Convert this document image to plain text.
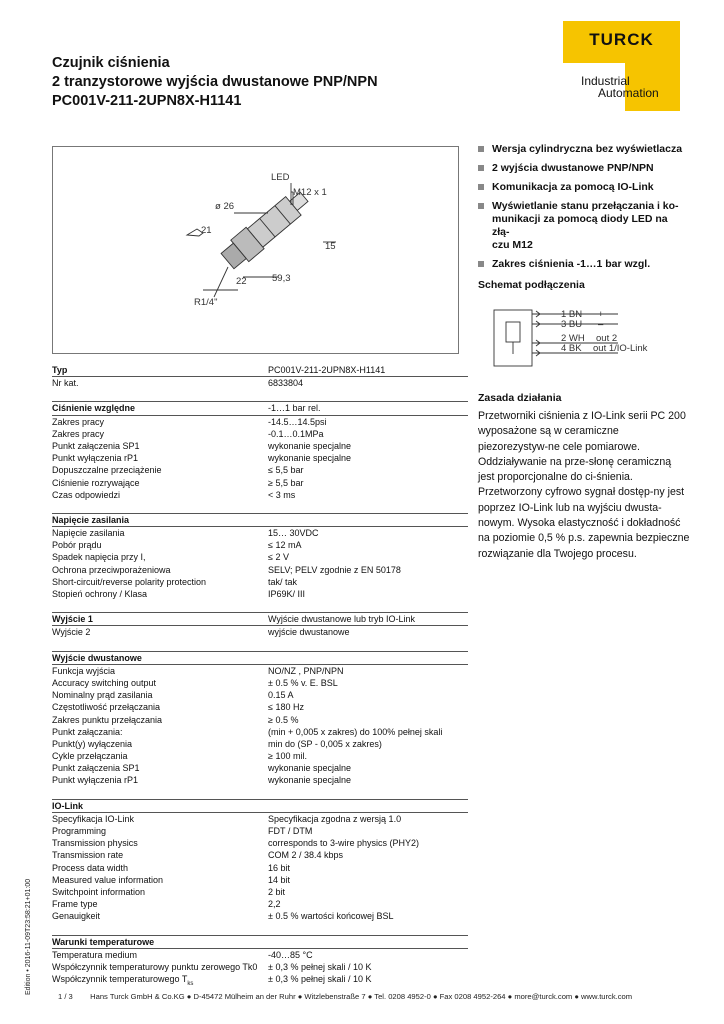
Czujnik ciśnienia
2 tranzystorowe wyjścia dwustanowe PNP/NPN
PC001V-211-2UPN8X-H1141
TURCK
Industrial
Automation
LED
M12 x 1
ø 26
21
15
59,3
22
R1/4"
Wersja cylindryczna bez wyświetlacza
2 wyjścia dwustanowe PNP/NPN
Komunikacja za pomocą IO-Link
Wyświetlanie stanu przełączania i ko-
munikacji za pomocą diody LED na złą-
czu M12
Zakres ciśnienia -1…1 bar wzgl.
Schemat podłączenia
1 BN +
3 BU –
2 WH out 2
4 BK out 1/IO-Link
Zasada działania
Przetworniki ciśnienia z IO-Link serii PC 200 wyposażone są w ceramiczne piezorezystyw-ne cele pomiarowe. Oddziaływanie na prze-słonę ceramiczną jest proporcjonalne do ci-śnienia. Przetworzony cyfrowo sygnał dostęp-ny jest poprzez IO-Link lub na wyjściu dwusta-nowym. Wysoka elastyczność i dokładność na poziomie 0,5 % p.s. zapewnia bezpieczne rozwiązanie dla Twojego procesu.
Typ	PC001V-211-2UPN8X-H1141
Nr kat.	6833804

Ciśnienie względne	-1…1 bar rel.
Zakres pracy	-14.5…14.5psi
Zakres pracy	-0.1…0.1MPa
Punkt załączenia SP1	wykonanie specjalne
Punkt wyłączenia rP1	wykonanie specjalne
Dopuszczalne przeciążenie	≤ 5,5 bar
Ciśnienie rozrywające	≥ 5,5 bar
Czas odpowiedzi	< 3 ms

Napięcie zasilania	
Napięcie zasilania	15… 30VDC
Pobór prądu	≤ 12 mA
Spadek napięcia przy I,	≤ 2 V
Ochrona przeciwporażeniowa	SELV; PELV zgodnie z EN 50178
Short-circuit/reverse polarity protection	tak/ tak
Stopień ochrony / Klasa	IP69K/ III

Wyjście 1	Wyjście dwustanowe lub tryb IO-Link
Wyjście 2	wyjście dwustanowe

Wyjście dwustanowe	
Funkcja wyjścia	NO/NZ , PNP/NPN
Accuracy switching output	± 0.5 % v. E. BSL
Nominalny prąd zasilania	0.15 A
Częstotliwość przełączania	≤ 180 Hz
Zakres punktu przełączania	≥ 0.5 %
Punkt załączania:	(min + 0,005 x zakres) do 100% pełnej skali
Punkt(y) wyłączenia	min do (SP - 0,005 x zakres)
Cykle przełączania	≥ 100 mil.
Punkt załączenia SP1	wykonanie specjalne
Punkt wyłączenia rP1	wykonanie specjalne

IO-Link	
Specyfikacja IO-Link	Specyfikacja zgodna z wersją 1.0
Programming	FDT / DTM
Transmission physics	corresponds to 3-wire physics (PHY2)
Transmission rate	COM 2 / 38.4 kbps
Process data width	16 bit
Measured value information	14 bit
Switchpoint information	2 bit
Frame type	2,2
Genauigkeit	± 0.5 % wartości końcowej BSL

Warunki temperaturowe	
Temperatura medium	-40…85 °C
Współczynnik temperaturowy punktu zerowego Tk0	± 0,3 % pełnej skali / 10 K
Współczynnik temperaturowego $T_{ks}$	± 0,3 % pełnej skali / 10 K
Edition • 2016-11-09T23:58:21+01:00
1 / 3 Hans Turck GmbH & Co.KG ● D-45472 Mülheim an der Ruhr ● Witzlebenstraße 7 ● Tel. 0208 4952-0 ● Fax 0208 4952-264 ● more@turck.com ● www.turck.com
